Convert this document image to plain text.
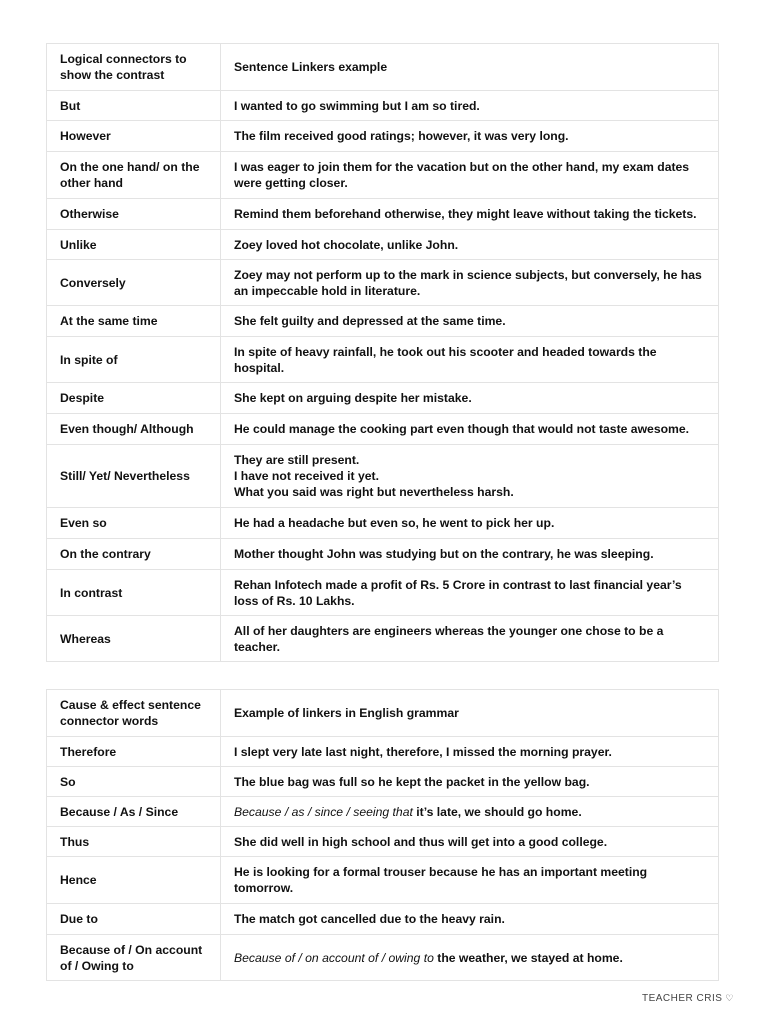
Logical connectors to show the contrast	Sentence Linkers example
But	I wanted to go swimming but I am so tired.
However	The film received good ratings; however, it was very long.
On the one hand/ on the other hand	I was eager to join them for the vacation but on the other hand, my exam dates were getting closer.
Otherwise	Remind them beforehand otherwise, they might leave without taking the tickets.
Unlike	Zoey loved hot chocolate, unlike John.
Conversely	Zoey may not perform up to the mark in science subjects, but conversely, he has an impeccable hold in literature.
At the same time	She felt guilty and depressed at the same time.
In spite of	In spite of heavy rainfall, he took out his scooter and headed towards the hospital.
Despite	She kept on arguing despite her mistake.
Even though/ Although	He could manage the cooking part even though that would not taste awesome.
Still/ Yet/ Nevertheless	They are still present.
I have not received it yet.
What you said was right but nevertheless harsh.

Even so	He had a headache but even so, he went to pick her up.
On the contrary	Mother thought John was studying but on the contrary, he was sleeping.
In contrast	Rehan Infotech made a profit of Rs. 5 Crore in contrast to last financial year’s loss of Rs. 10 Lakhs.
Whereas	All of her daughters are engineers whereas the younger one chose to be a teacher.
Cause & effect sentence connector words	Example of linkers in English grammar
Therefore	I slept very late last night, therefore, I missed the morning prayer.
So	The blue bag was full so he kept the packet in the yellow bag.
Because / As / Since	Because / as / since / seeing that it’s late, we should go home.
Thus	She did well in high school and thus will get into a good college.
Hence	He is looking for a formal trouser because he has an important meeting tomorrow.
Due to	The match got cancelled due to the heavy rain.
Because of / On account of / Owing to	Because of / on account of / owing to the weather, we stayed at home.
TEACHER CRIS ♡
